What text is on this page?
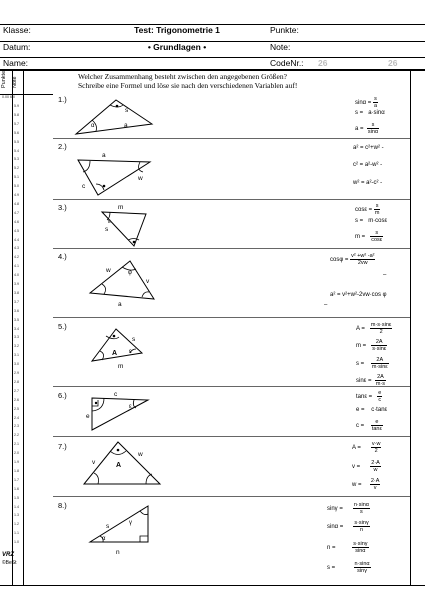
Klasse:
Datum:
Name:
Test: Trigonometrie 1
• Grundlagen •
Punkte:
Note:
CodeNr.: 26	26
Punkte Note
0.00 6.0
5.9
5.8
5.7
5.6
5.5
5.4
5.3
5.2
5.1
5.0
4.9
4.8
4.7
4.6
4.5
4.4
4.3
4.2
4.1
4.0
3.9
3.8
3.7
3.6
3.5
3.4
3.3
3.2
3.1
3.0
2.9
2.8
2.7
2.6
2.5
2.4
2.3
2.2
2.1
2.0
1.9
1.8
1.7
1.6
1.5
1.4
1.3
1.2
1.1
1.0
VRZ
©BeSt
Welcher Zusammenhang besteht zwischen den angegebenen Größen?
Schreibe eine Formel und löse sie nach den verschiedenen Variablen auf!
1.)
s
α	a
$\sin\alpha = \frac{s}{a}$
s = a·sinα
$a = \frac{s}{\sin\alpha}$
2.)
a
c
w
a² = c²+w² -
c² = a²-w² -
w² = a²-c² -
3.)	m
ε
s
$\cos\varepsilon = \frac{s}{m}$
s = m·cosε
$m = \frac{s}{\cos\varepsilon}$
4.)
w	φ
v
a
$\cos\varphi = \frac{\text{v² +w² -a²}}{2vw}$
–
a² = v²+w²-2vw·cos φ
–
5.)
s
A ε
m
$A = \frac{m\cdot s\cdot\sin\varepsilon}{2}$
$m = \frac{2A}{s\cdot\sin\varepsilon}$
$s = \frac{2A}{m\cdot\sin\varepsilon}$
$\sin\varepsilon = \frac{2A}{m\cdot s}$
6.)	c
e
ε
$\tan\varepsilon = \frac{e}{c}$
e = c·tanε
$c = \frac{e}{\tan\varepsilon}$
7.)
v	A
w
$A = \frac{v\cdot w}{2}$
$v = \frac{2\cdot A}{w}$
$w = \frac{2\cdot A}{v}$
8.)
γ
s
α
n
$\sin\gamma = \frac{n\cdot\sin\alpha}{s}$
$\sin\alpha = \frac{s\cdot\sin\gamma}{n}$
n =	$\frac{s\cdot\sin\gamma}{\sin\alpha}$
s =	$\frac{n\cdot\sin\alpha}{\sin\gamma}$
